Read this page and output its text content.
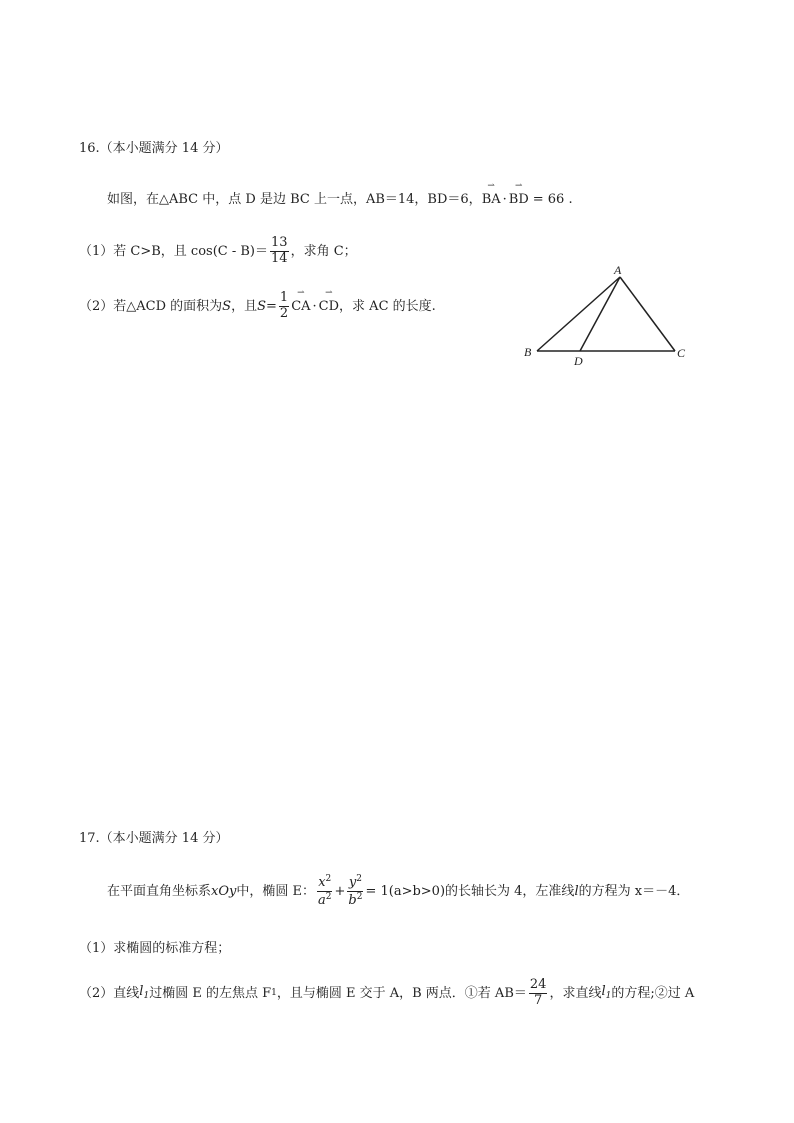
16.（本小题满分 14 分）
如图，在△ABC 中，点 D 是边 BC 上一点，AB＝14，BD＝6， ⇀ BA · ⇀ BD = 66 .
（1）若 C>B，且 $\cos(C - B)= \frac{13}{14}$ ，求角 C；
（2）若△ACD 的面积为 S ，且 $S = \frac{1}{2}$ ⇀ CA · ⇀ CD ，求 AC 的长度.
A
B	C
D
17.（本小题满分 14 分）
在平面直角坐标系 xOy 中，椭圆 E： $\frac{x^2}{a^2} + \frac{y^2}{b^2} = 1(a>b>0)$的长轴长为 4，左准线 l 的方程为 x＝－4．
（1）求椭圆的标准方程；
（2）直线 $l_1$ 过椭圆 E 的左焦点 F 1 ，且与椭圆 E 交于 A，B 两点．①若 $AB= \frac{24}{7}$ ，求直线 $l_1$ 的方程;②过 A
